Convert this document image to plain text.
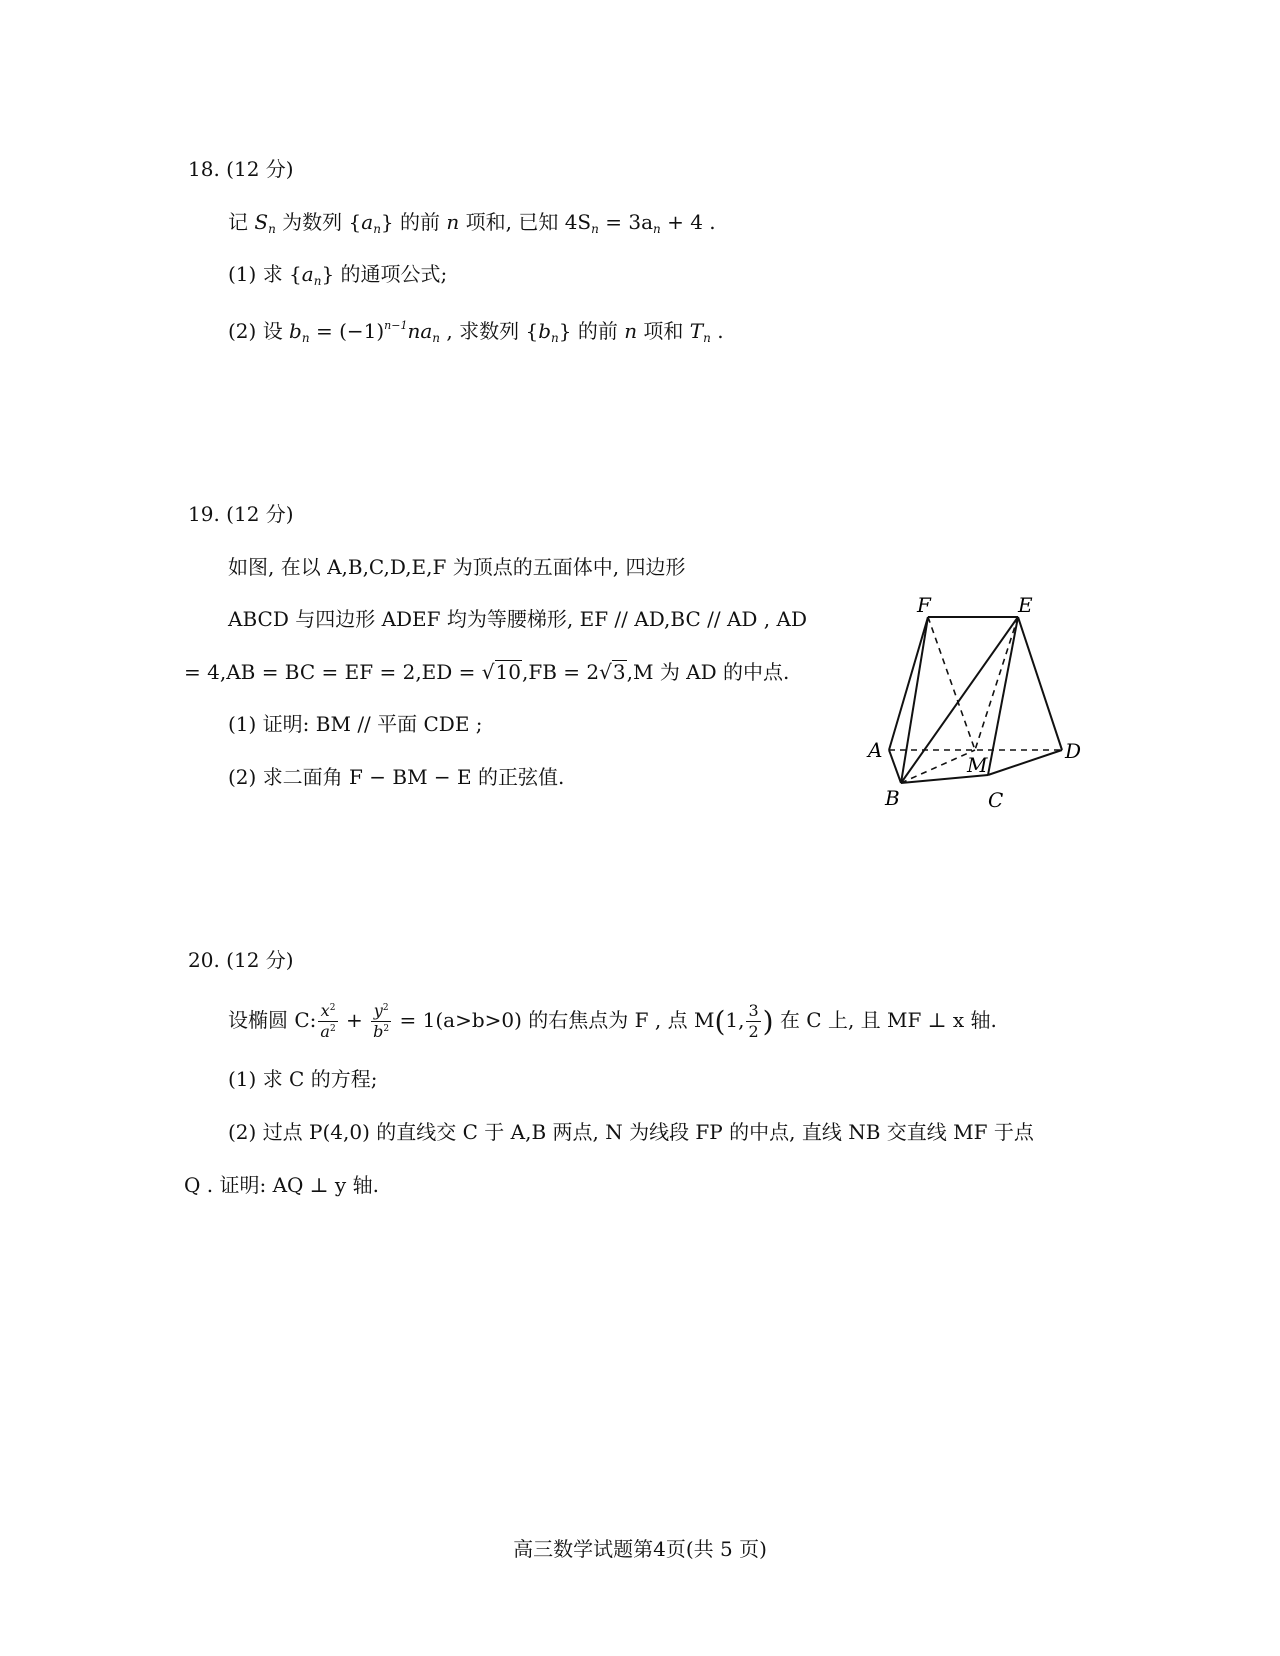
18. (12 分)
记 $S_n$ 为数列 $\{a_n\}$ 的前 n 项和, 已知 $4S_n = 3a_n + 4$ .
(1) 求 $\{a_n\}$ 的通项公式;
(2) 设 $b_n = (-1)^{n-1}na_n$ , 求数列 $\{b_n\}$ 的前 n 项和 $T_n$ .
19. (12 分)
如图, 在以 A,B,C,D,E,F 为顶点的五面体中, 四边形
ABCD 与四边形 ADEF 均为等腰梯形, EF // AD,BC // AD , AD
= 4,AB = BC = EF = 2,ED = √10,FB = 2√3,M 为 AD 的中点.
(1) 证明: BM // 平面 CDE ;
(2) 求二面角 F − BM − E 的正弦值.
F	E
A	D
M
B	C
20. (12 分)
设椭圆 C: $\frac{x^2}{a^2} + \frac{y^2}{b^2} = 1(a>b>0)$ 的右焦点为 F , 点 M(1, $\frac{3}{2}$ ) 在 C 上, 且 MF ⊥ x 轴.
(1) 求 C 的方程;
(2) 过点 P(4,0) 的直线交 C 于 A,B 两点, N 为线段 FP 的中点, 直线 NB 交直线 MF 于点
Q . 证明: AQ ⊥ y 轴.
高三数学试题第4页(共 5 页)
